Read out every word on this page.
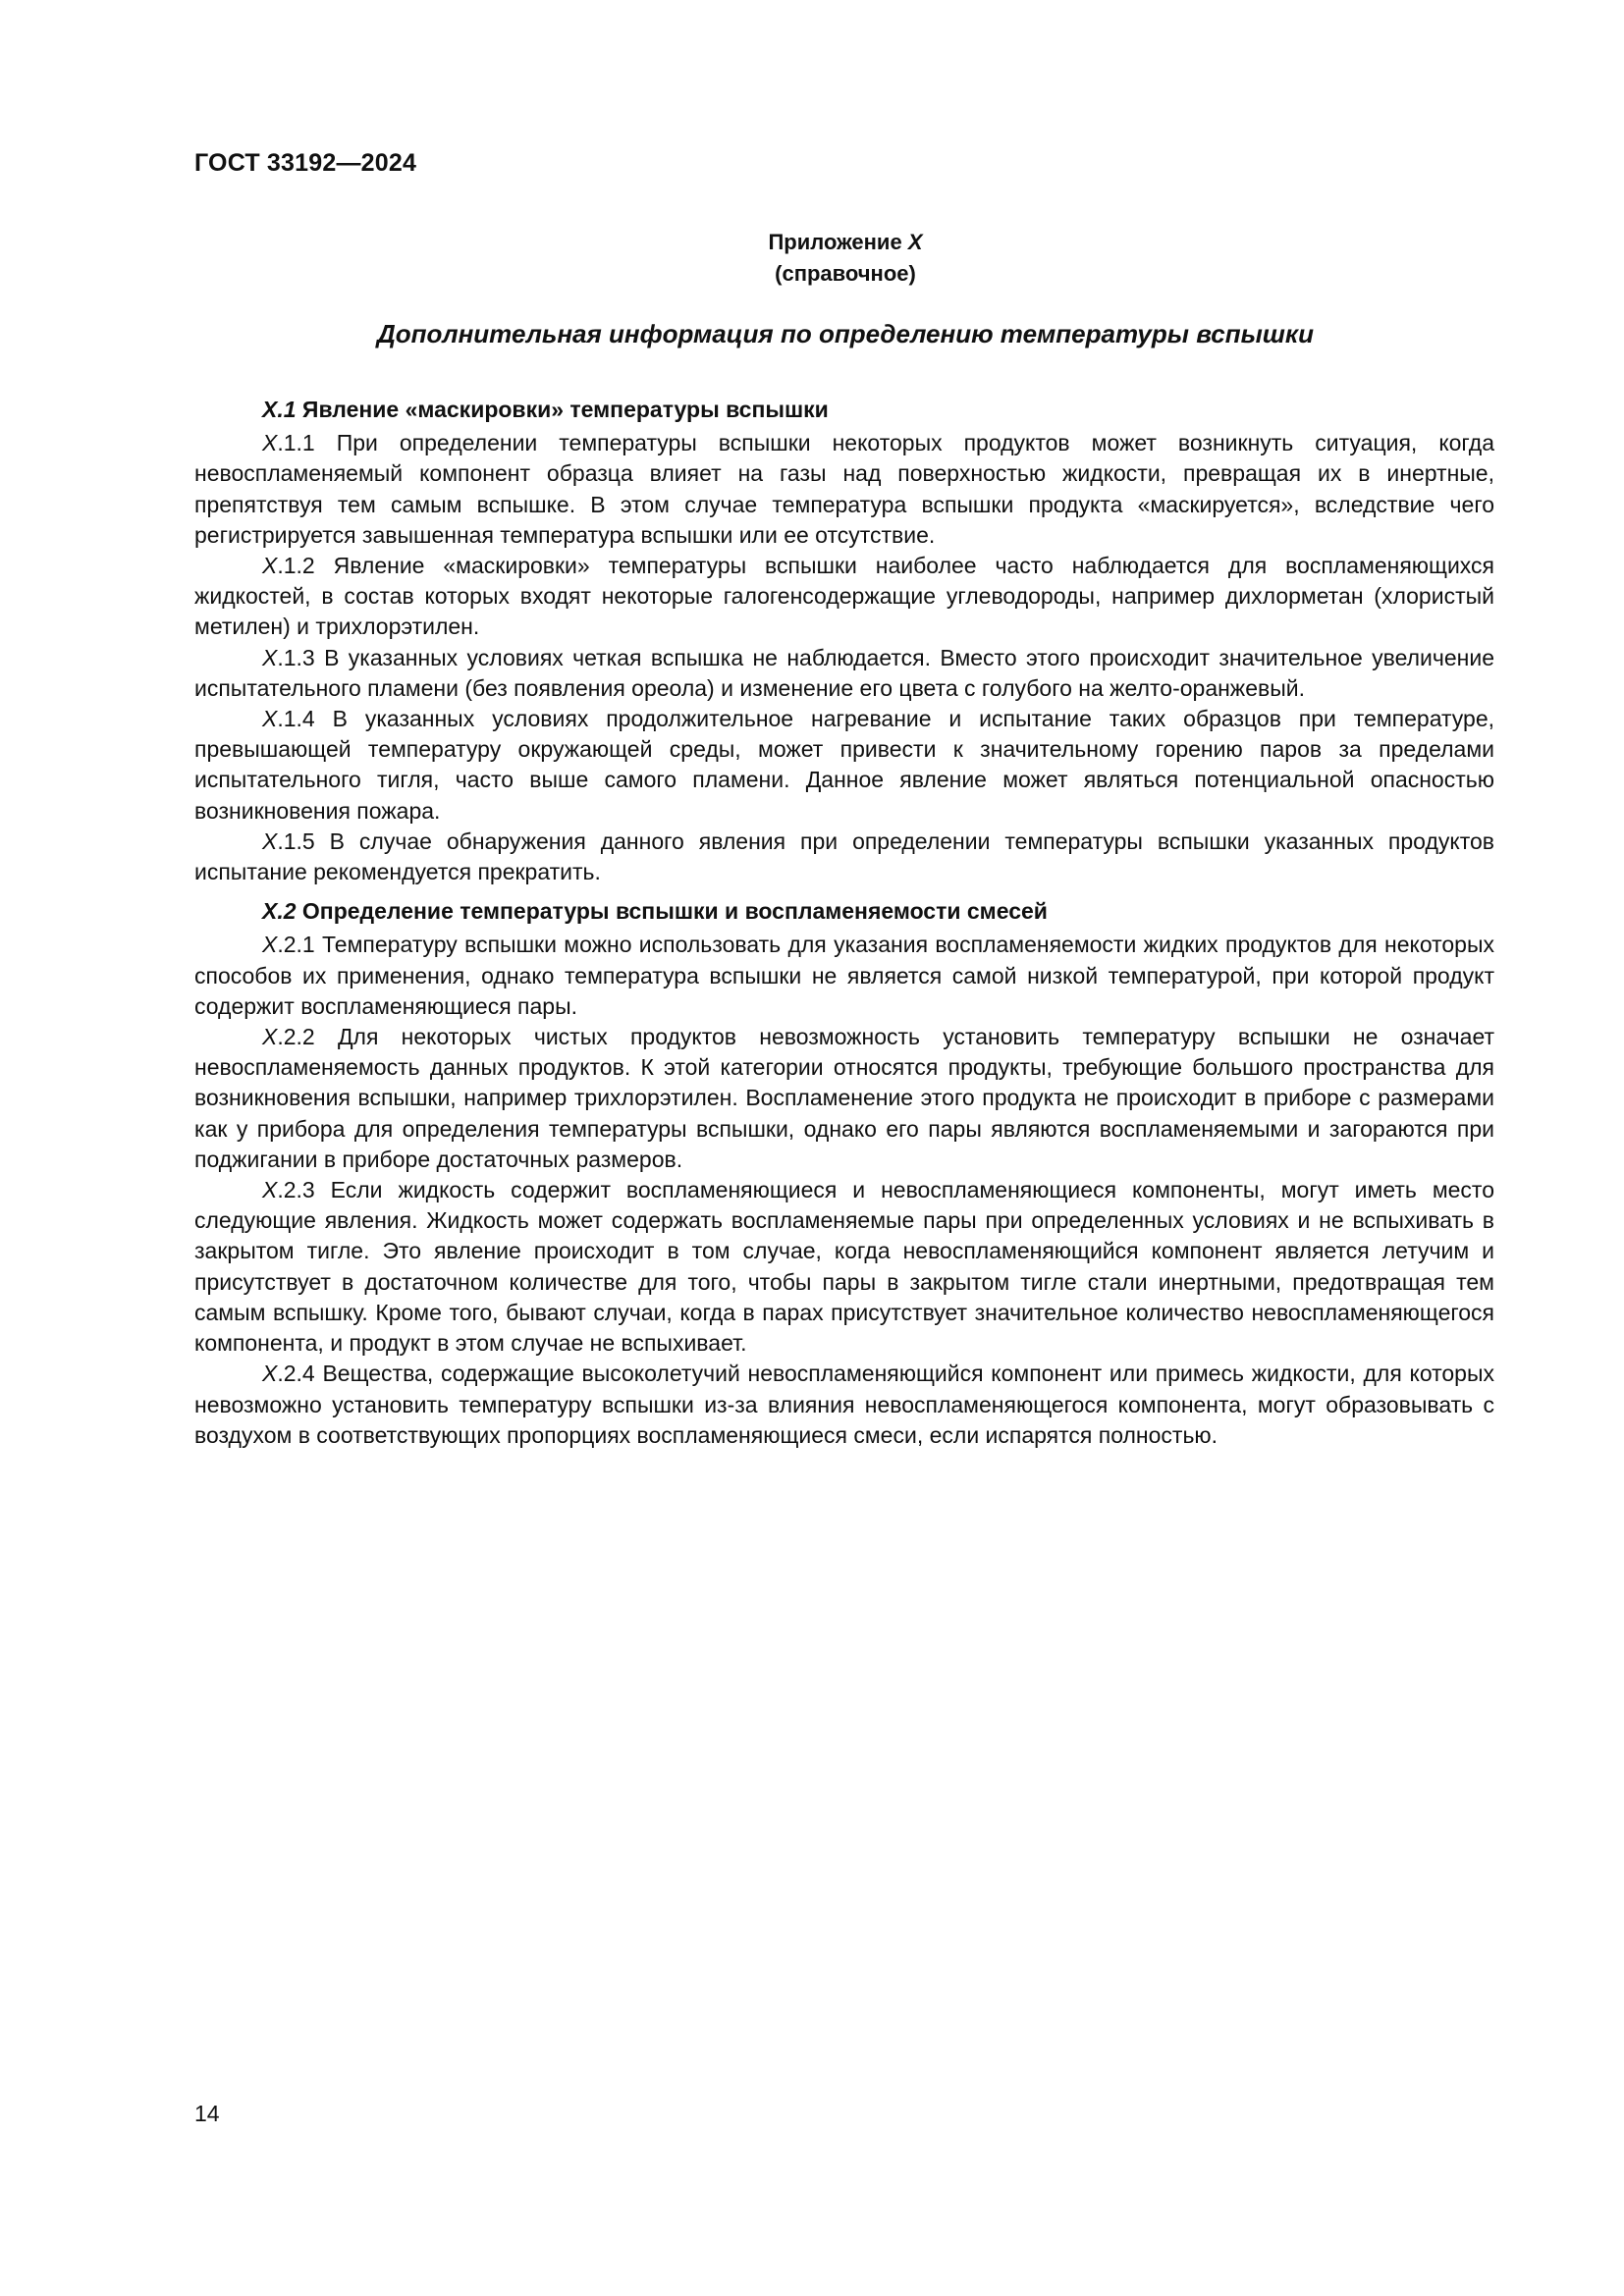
ГОСТ 33192—2024
Приложение X
(справочное)
Дополнительная информация по определению температуры вспышки

X.1 Явление «маскировки» температуры вспышки

X.1.1 При определении температуры вспышки некоторых продуктов может возникнуть ситуация, когда невоспламеняемый компонент образца влияет на газы над поверхностью жидкости, превращая их в инертные, препятствуя тем самым вспышке. В этом случае температура вспышки продукта «маскируется», вследствие чего регистрируется завышенная температура вспышки или ее отсутствие.

X.1.2 Явление «маскировки» температуры вспышки наиболее часто наблюдается для воспламеняющихся жидкостей, в состав которых входят некоторые галогенсодержащие углеводороды, например дихлорметан (хлористый метилен) и трихлорэтилен.

X.1.3 В указанных условиях четкая вспышка не наблюдается. Вместо этого происходит значительное увеличение испытательного пламени (без появления ореола) и изменение его цвета с голубого на желто-оранжевый.

X.1.4 В указанных условиях продолжительное нагревание и испытание таких образцов при температуре, превышающей температуру окружающей среды, может привести к значительному горению паров за пределами испытательного тигля, часто выше самого пламени. Данное явление может являться потенциальной опасностью возникновения пожара.

X.1.5 В случае обнаружения данного явления при определении температуры вспышки указанных продуктов испытание рекомендуется прекратить.

X.2 Определение температуры вспышки и воспламеняемости смесей

X.2.1 Температуру вспышки можно использовать для указания воспламеняемости жидких продуктов для некоторых способов их применения, однако температура вспышки не является самой низкой температурой, при которой продукт содержит воспламеняющиеся пары.

X.2.2 Для некоторых чистых продуктов невозможность установить температуру вспышки не означает невоспламеняемость данных продуктов. К этой категории относятся продукты, требующие большого пространства для возникновения вспышки, например трихлорэтилен. Воспламенение этого продукта не происходит в приборе с размерами как у прибора для определения температуры вспышки, однако его пары являются воспламеняемыми и загораются при поджигании в приборе достаточных размеров.

X.2.3 Если жидкость содержит воспламеняющиеся и невоспламеняющиеся компоненты, могут иметь место следующие явления. Жидкость может содержать воспламеняемые пары при определенных условиях и не вспыхивать в закрытом тигле. Это явление происходит в том случае, когда невоспламеняющийся компонент является летучим и присутствует в достаточном количестве для того, чтобы пары в закрытом тигле стали инертными, предотвращая тем самым вспышку. Кроме того, бывают случаи, когда в парах присутствует значительное количество невоспламеняющегося компонента, и продукт в этом случае не вспыхивает.

X.2.4 Вещества, содержащие высоколетучий невоспламеняющийся компонент или примесь жидкости, для которых невозможно установить температуру вспышки из-за влияния невоспламеняющегося компонента, могут образовывать с воздухом в соответствующих пропорциях воспламеняющиеся смеси, если испарятся полностью.

14
